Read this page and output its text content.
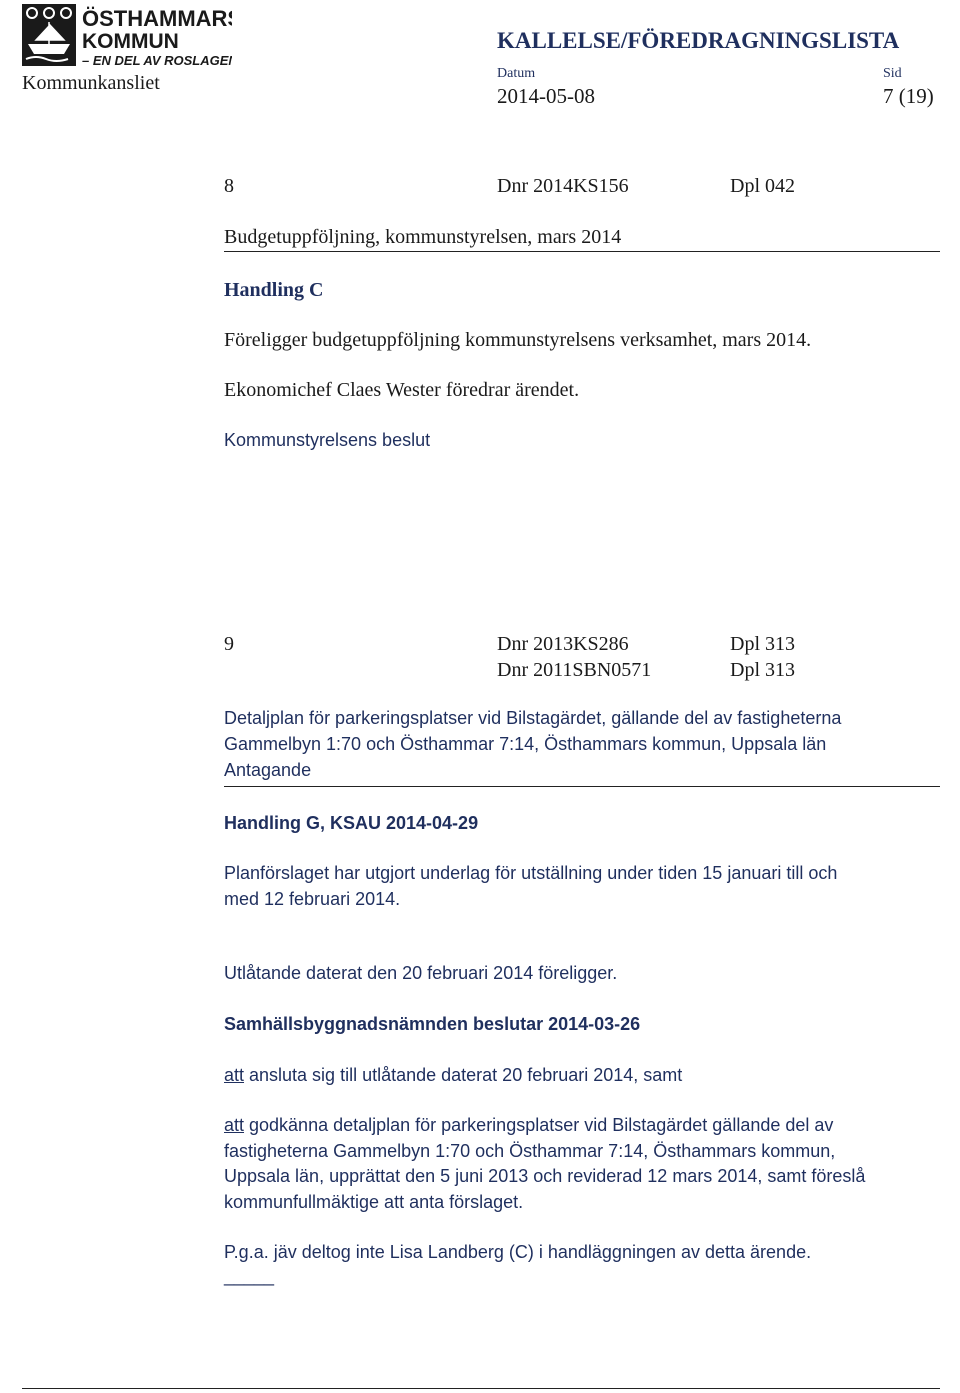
ÖSTHAMMARS
KOMMUN
– EN DEL AV ROSLAGEN
Kommunkansliet
KALLELSE/FÖREDRAGNINGSLISTA
Datum	Sid
2014-05-08	7 (19)
8	Dnr 2014KS156	Dpl 042
Budgetuppföljning, kommunstyrelsen, mars 2014
Handling C
Föreligger budgetuppföljning kommunstyrelsens verksamhet, mars 2014.
Ekonomichef Claes Wester föredrar ärendet.
Kommunstyrelsens beslut
9	Dnr 2013KS286	Dpl 313
Dnr 2011SBN0571	Dpl 313
Detaljplan för parkeringsplatser vid Bilstagärdet, gällande del av fastigheterna
Gammelbyn 1:70 och Östhammar 7:14, Östhammars kommun, Uppsala län
Antagande
Handling G, KSAU 2014-04-29
Planförslaget har utgjort underlag för utställning under tiden 15 januari till och
med 12 februari 2014.
Utlåtande daterat den 20 februari 2014 föreligger.
Samhällsbyggnadsnämnden beslutar 2014-03-26
att ansluta sig till utlåtande daterat 20 februari 2014, samt
att godkänna detaljplan för parkeringsplatser vid Bilstagärdet gällande del av
fastigheterna Gammelbyn 1:70 och Östhammar 7:14, Östhammars kommun,
Uppsala län, upprättat den 5 juni 2013 och reviderad 12 mars 2014, samt föreslå
kommunfullmäktige att anta förslaget.
P.g.a. jäv deltog inte Lisa Landberg (C) i handläggningen av detta ärende.
_____
